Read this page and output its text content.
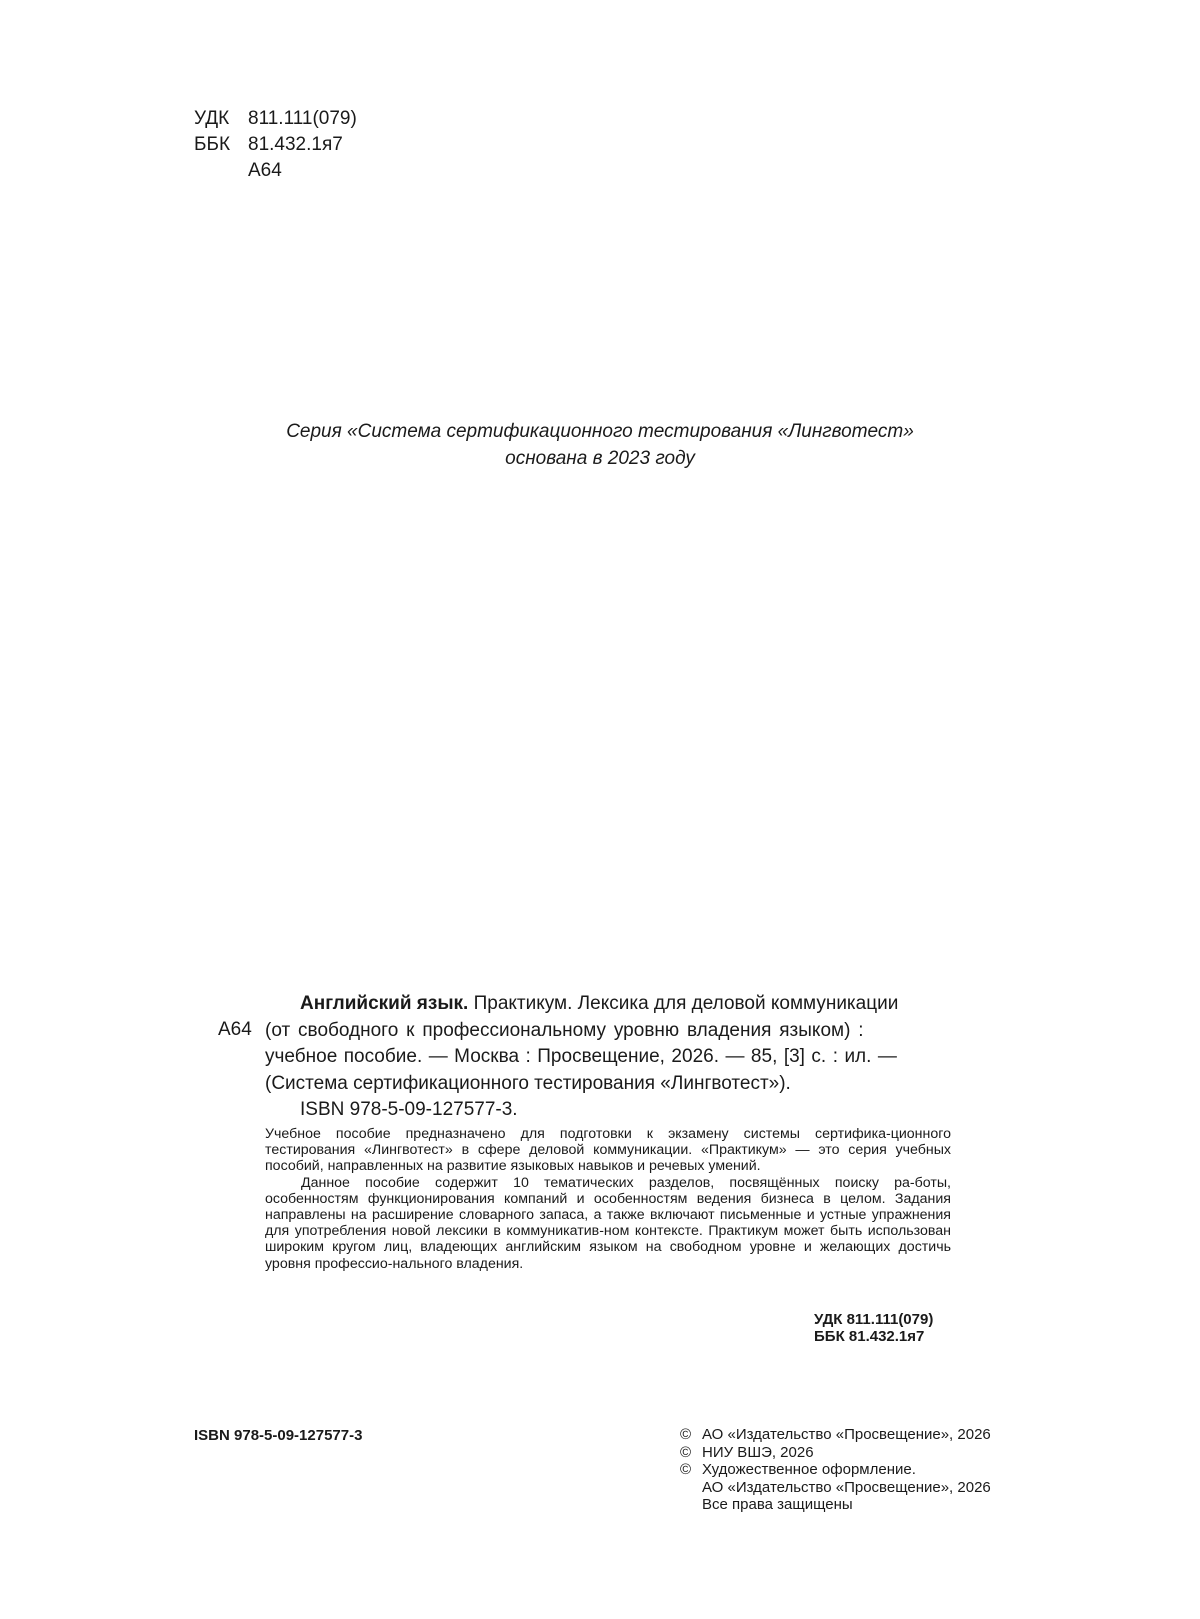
УДК 811.111(079)
ББК 81.432.1я7
А64
Серия «Система сертификационного тестирования «Лингвотест»
основана в 2023 году
А64
Английский язык. Практикум. Лексика для деловой коммуникации
(от свободного к профессиональному уровню владения языком) :
учебное пособие. — Москва : Просвещение, 2026. — 85, [3] с. : ил. —
(Система сертификационного тестирования «Лингвотест»).
ISBN 978-5-09-127577-3.

Учебное пособие предназначено для подготовки к экзамену системы сертифика-ционного тестирования «Лингвотест» в сфере деловой коммуникации. «Практикум» — это серия учебных пособий, направленных на развитие языковых навыков и речевых умений.

Данное пособие содержит 10 тематических разделов, посвящённых поиску ра-боты, особенностям функционирования компаний и особенностям ведения бизнеса в целом. Задания направлены на расширение словарного запаса, а также включают письменные и устные упражнения для употребления новой лексики в коммуникатив-ном контексте. Практикум может быть использован широким кругом лиц, владеющих английским языком на свободном уровне и желающих достичь уровня профессио-нального владения.

УДК 811.111(079)
ББК 81.432.1я7
ISBN 978-5-09-127577-3	© АО «Издательство «Просвещение», 2026
© НИУ ВШЭ, 2026
© Художественное оформление.
АО «Издательство «Просвещение», 2026
Все права защищены
